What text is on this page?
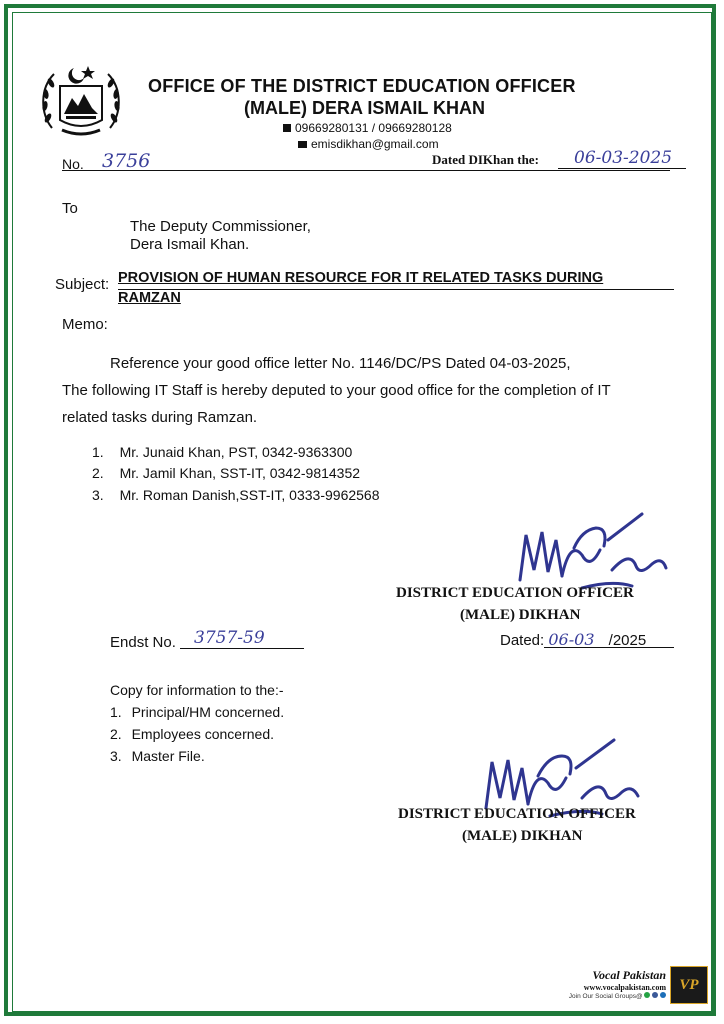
OFFICE OF THE DISTRICT EDUCATION OFFICER
(MALE) DERA ISMAIL KHAN
09669280131 / 09669280128
emisdikhan@gmail.com
No. 3756	Dated DIKhan the: 06-03-2025
To
The Deputy Commissioner,
Dera Ismail Khan.
Subject: PROVISION OF HUMAN RESOURCE FOR IT RELATED TASKS DURING
RAMZAN
Memo:
Reference your good office letter No. 1146/DC/PS Dated 04-03-2025,
The following IT Staff is hereby deputed to your good office for the completion of IT
related tasks during Ramzan.
1. Mr. Junaid Khan, PST, 0342-9363300
2. Mr. Jamil Khan, SST-IT, 0342-9814352
3. Mr. Roman Danish,SST-IT, 0333-9962568
DISTRICT EDUCATION OFFICER
(MALE) DIKHAN
Dated: 06-03 /2025
Endst No. 3757-59
Copy for information to the:-
1. Principal/HM concerned.
2. Employees concerned.
3. Master File.
DISTRICT EDUCATION OFFICER
(MALE) DIKHAN
Vocal Pakistan
www.vocalpakistan.com
Join Our Social Groups@
VP
